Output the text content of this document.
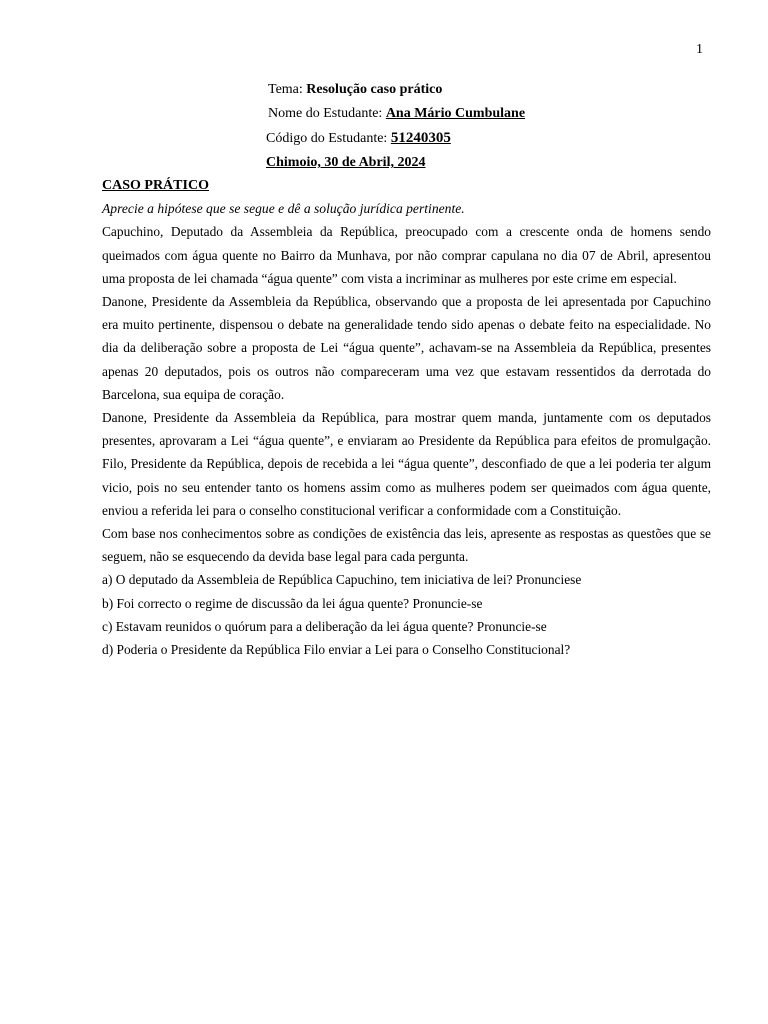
1
Tema: Resolução caso prático
Nome do Estudante: Ana Mário Cumbulane
Código do Estudante: 51240305
Chimoio, 30 de Abril, 2024
CASO PRÁTICO
Aprecie a hipótese que se segue e dê a solução jurídica pertinente.

Capuchino, Deputado da Assembleia da República, preocupado com a crescente onda de homens sendo queimados com água quente no Bairro da Munhava, por não comprar capulana no dia 07 de Abril, apresentou uma proposta de lei chamada “água quente” com vista a incriminar as mulheres por este crime em especial.

Danone, Presidente da Assembleia da República, observando que a proposta de lei apresentada por Capuchino era muito pertinente, dispensou o debate na generalidade tendo sido apenas o debate feito na especialidade. No dia da deliberação sobre a proposta de Lei “água quente”, achavam-se na Assembleia da República, presentes apenas 20 deputados, pois os outros não compareceram uma vez que estavam ressentidos da derrotada do Barcelona, sua equipa de coração.

Danone, Presidente da Assembleia da República, para mostrar quem manda, juntamente com os deputados presentes, aprovaram a Lei “água quente”, e enviaram ao Presidente da República para efeitos de promulgação. Filo, Presidente da República, depois de recebida a lei “água quente”, desconfiado de que a lei poderia ter algum vicio, pois no seu entender tanto os homens assim como as mulheres podem ser queimados com água quente, enviou a referida lei para o conselho constitucional verificar a conformidade com a Constituição.

Com base nos conhecimentos sobre as condições de existência das leis, apresente as respostas as questões que se seguem, não se esquecendo da devida base legal para cada pergunta.

a) O deputado da Assembleia de República Capuchino, tem iniciativa de lei? Pronunciese

b) Foi correcto o regime de discussão da lei água quente? Pronuncie-se

c) Estavam reunidos o quórum para a deliberação da lei água quente? Pronuncie-se

d) Poderia o Presidente da República Filo enviar a Lei para o Conselho Constitucional?
